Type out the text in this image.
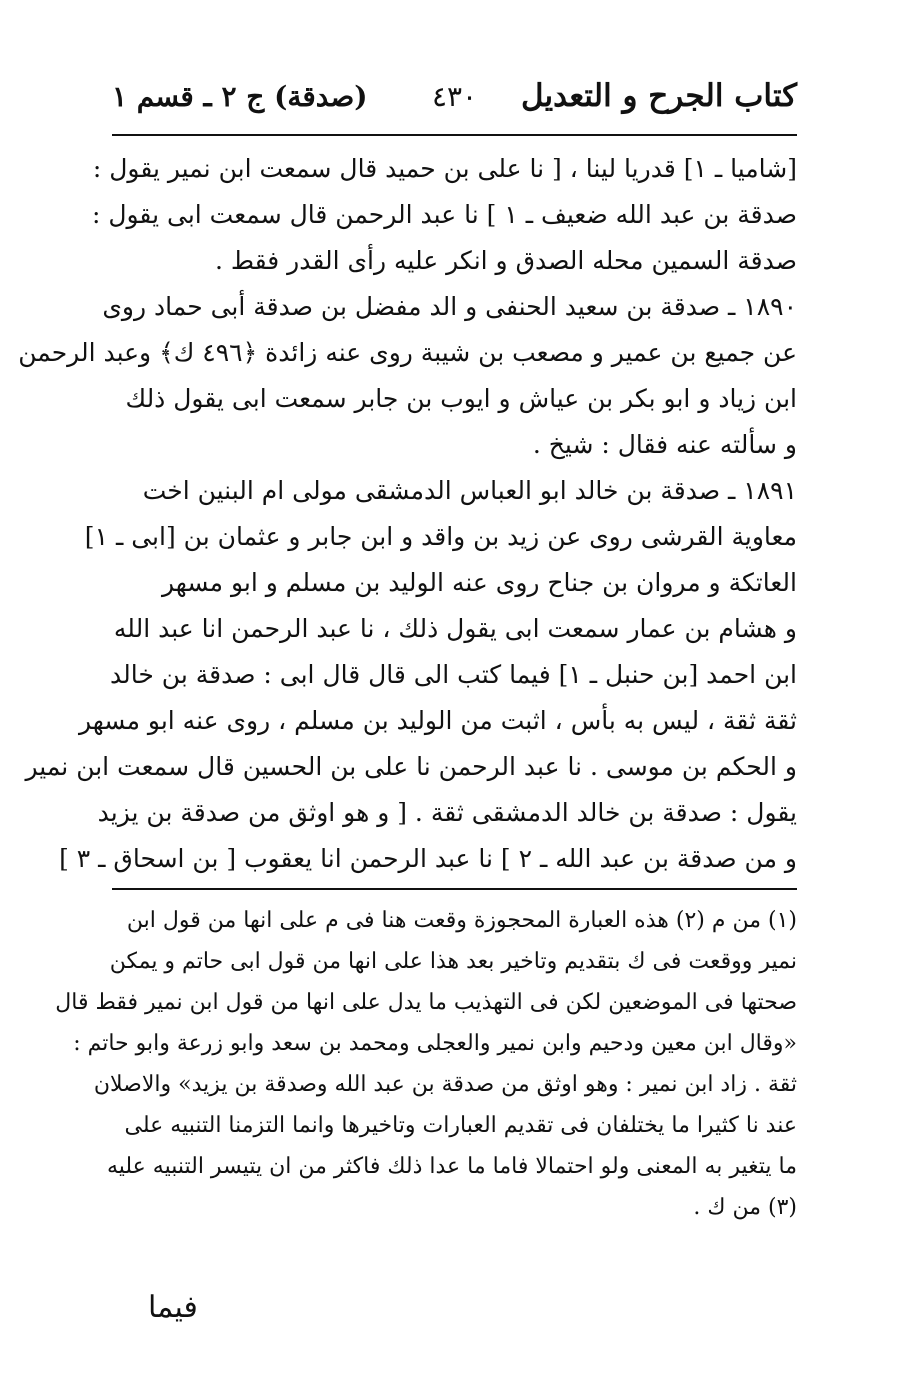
كتاب الجرح و التعديل
٤٣٠
(صدقة) ج ٢ ـ قسم ١
[شاميا ـ ١] قدريا لينا ، [ نا على بن حميد قال سمعت ابن نمير يقول :
صدقة بن عبد الله ضعيف ـ ١ ] نا عبد الرحمن قال سمعت ابى يقول :
صدقة السمين محله الصدق و انكر عليه رأى القدر فقط .
١٨٩٠ ـ صدقة بن سعيد الحنفى و الد مفضل بن صدقة أبى حماد روى
عن جميع بن عمير و مصعب بن شيبة روى عنه زائدة ﴿٤٩٦ ك﴾ وعبد الرحمن
ابن زياد و ابو بكر بن عياش و ايوب بن جابر سمعت ابى يقول ذلك
و سألته عنه فقال : شيخ .
١٨٩١ ـ صدقة بن خالد ابو العباس الدمشقى مولى ام البنين اخت
معاوية القرشى روى عن زيد بن واقد و ابن جابر و عثمان بن [ابى ـ ١]
العاتكة و مروان بن جناح روى عنه الوليد بن مسلم و ابو مسهر
و هشام بن عمار سمعت ابى يقول ذلك ، نا عبد الرحمن انا عبد الله
ابن احمد [بن حنبل ـ ١] فيما كتب الى قال قال ابى : صدقة بن خالد
ثقة ثقة ، ليس به بأس ، اثبت من الوليد بن مسلم ، روى عنه ابو مسهر
و الحكم بن موسى . نا عبد الرحمن نا على بن الحسين قال سمعت ابن نمير
يقول : صدقة بن خالد الدمشقى ثقة . [ و هو اوثق من صدقة بن يزيد
و من صدقة بن عبد الله ـ ٢ ] نا عبد الرحمن انا يعقوب [ بن اسحاق ـ ٣ ]
(١) من م (٢) هذه العبارة المحجوزة وقعت هنا فى م على انها من قول ابن
نمير ووقعت فى ك بتقديم وتاخير بعد هذا على انها من قول ابى حاتم و يمكن
صحتها فى الموضعين لكن فى التهذيب ما يدل على انها من قول ابن نمير فقط قال
«وقال ابن معين ودحيم وابن نمير والعجلى ومحمد بن سعد وابو زرعة وابو حاتم :
ثقة . زاد ابن نمير : وهو اوثق من صدقة بن عبد الله وصدقة بن يزيد» والاصلان
عند نا كثيرا ما يختلفان فى تقديم العبارات وتاخيرها وانما التزمنا التنبيه على
ما يتغير به المعنى ولو احتمالا فاما ما عدا ذلك فاكثر من ان يتيسر التنبيه عليه
(٣) من ك .
فيما
